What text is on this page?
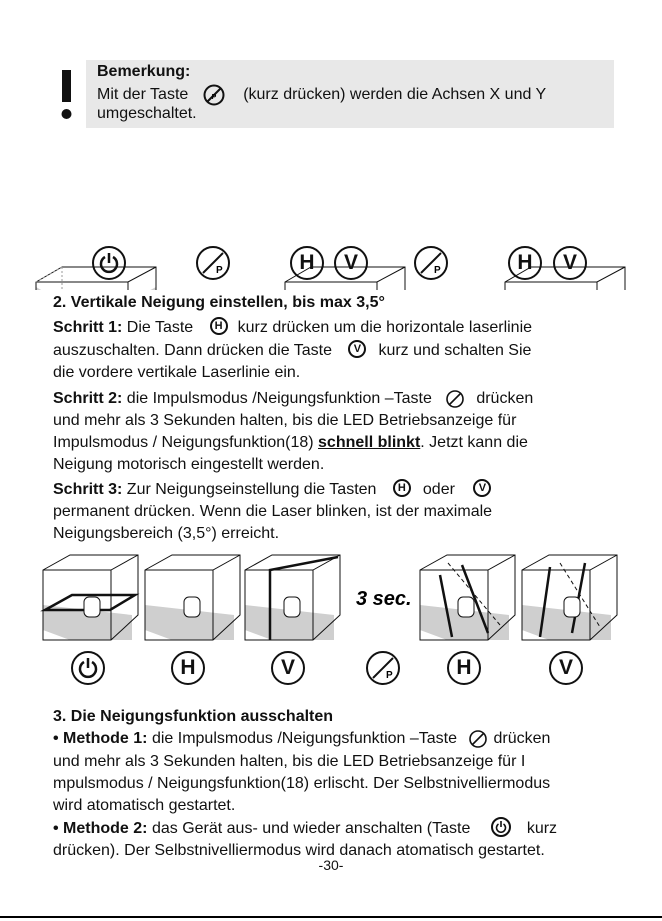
Bemerkung:
Mit der Taste	P (kurz drücken) werden die Achsen X und Y
umgeschaltet.
P	H	V	P	H	V
2. Vertikale Neigung einstellen, bis max 3,5°
Schritt 1: Die Taste H kurz drücken um die horizontale laserlinie
auszuschalten. Dann drücken die Taste V kurz und schalten Sie
die vordere vertikale Laserlinie ein.
Schritt 2: die Impulsmodus /Neigungsfunktion –Taste	drücken
und mehr als 3 Sekunden halten, bis die LED Betriebsanzeige für
Impulsmodus / Neigungsfunktion(18) schnell blinkt. Jetzt kann die
Neigung motorisch eingestellt werden.
Schritt 3: Zur Neigungseinstellung die Tasten H oder V
permanent drücken. Wenn die Laser blinken, ist der maximale
Neigungsbereich (3,5°) erreicht.
3 sec.
H	V	P	H	V
3. Die Neigungsfunktion ausschalten
• Methode 1: die Impulsmodus /Neigungsfunktion –Taste drücken
und mehr als 3 Sekunden halten, bis die LED Betriebsanzeige für I
mpulsmodus / Neigungsfunktion(18) erlischt. Der Selbstnivelliermodus
wird atomatisch gestartet.
• Methode 2: das Gerät aus- und wieder anschalten (Taste	kurz
drücken). Der Selbstnivelliermodus wird danach atomatisch gestartet.
-30-
